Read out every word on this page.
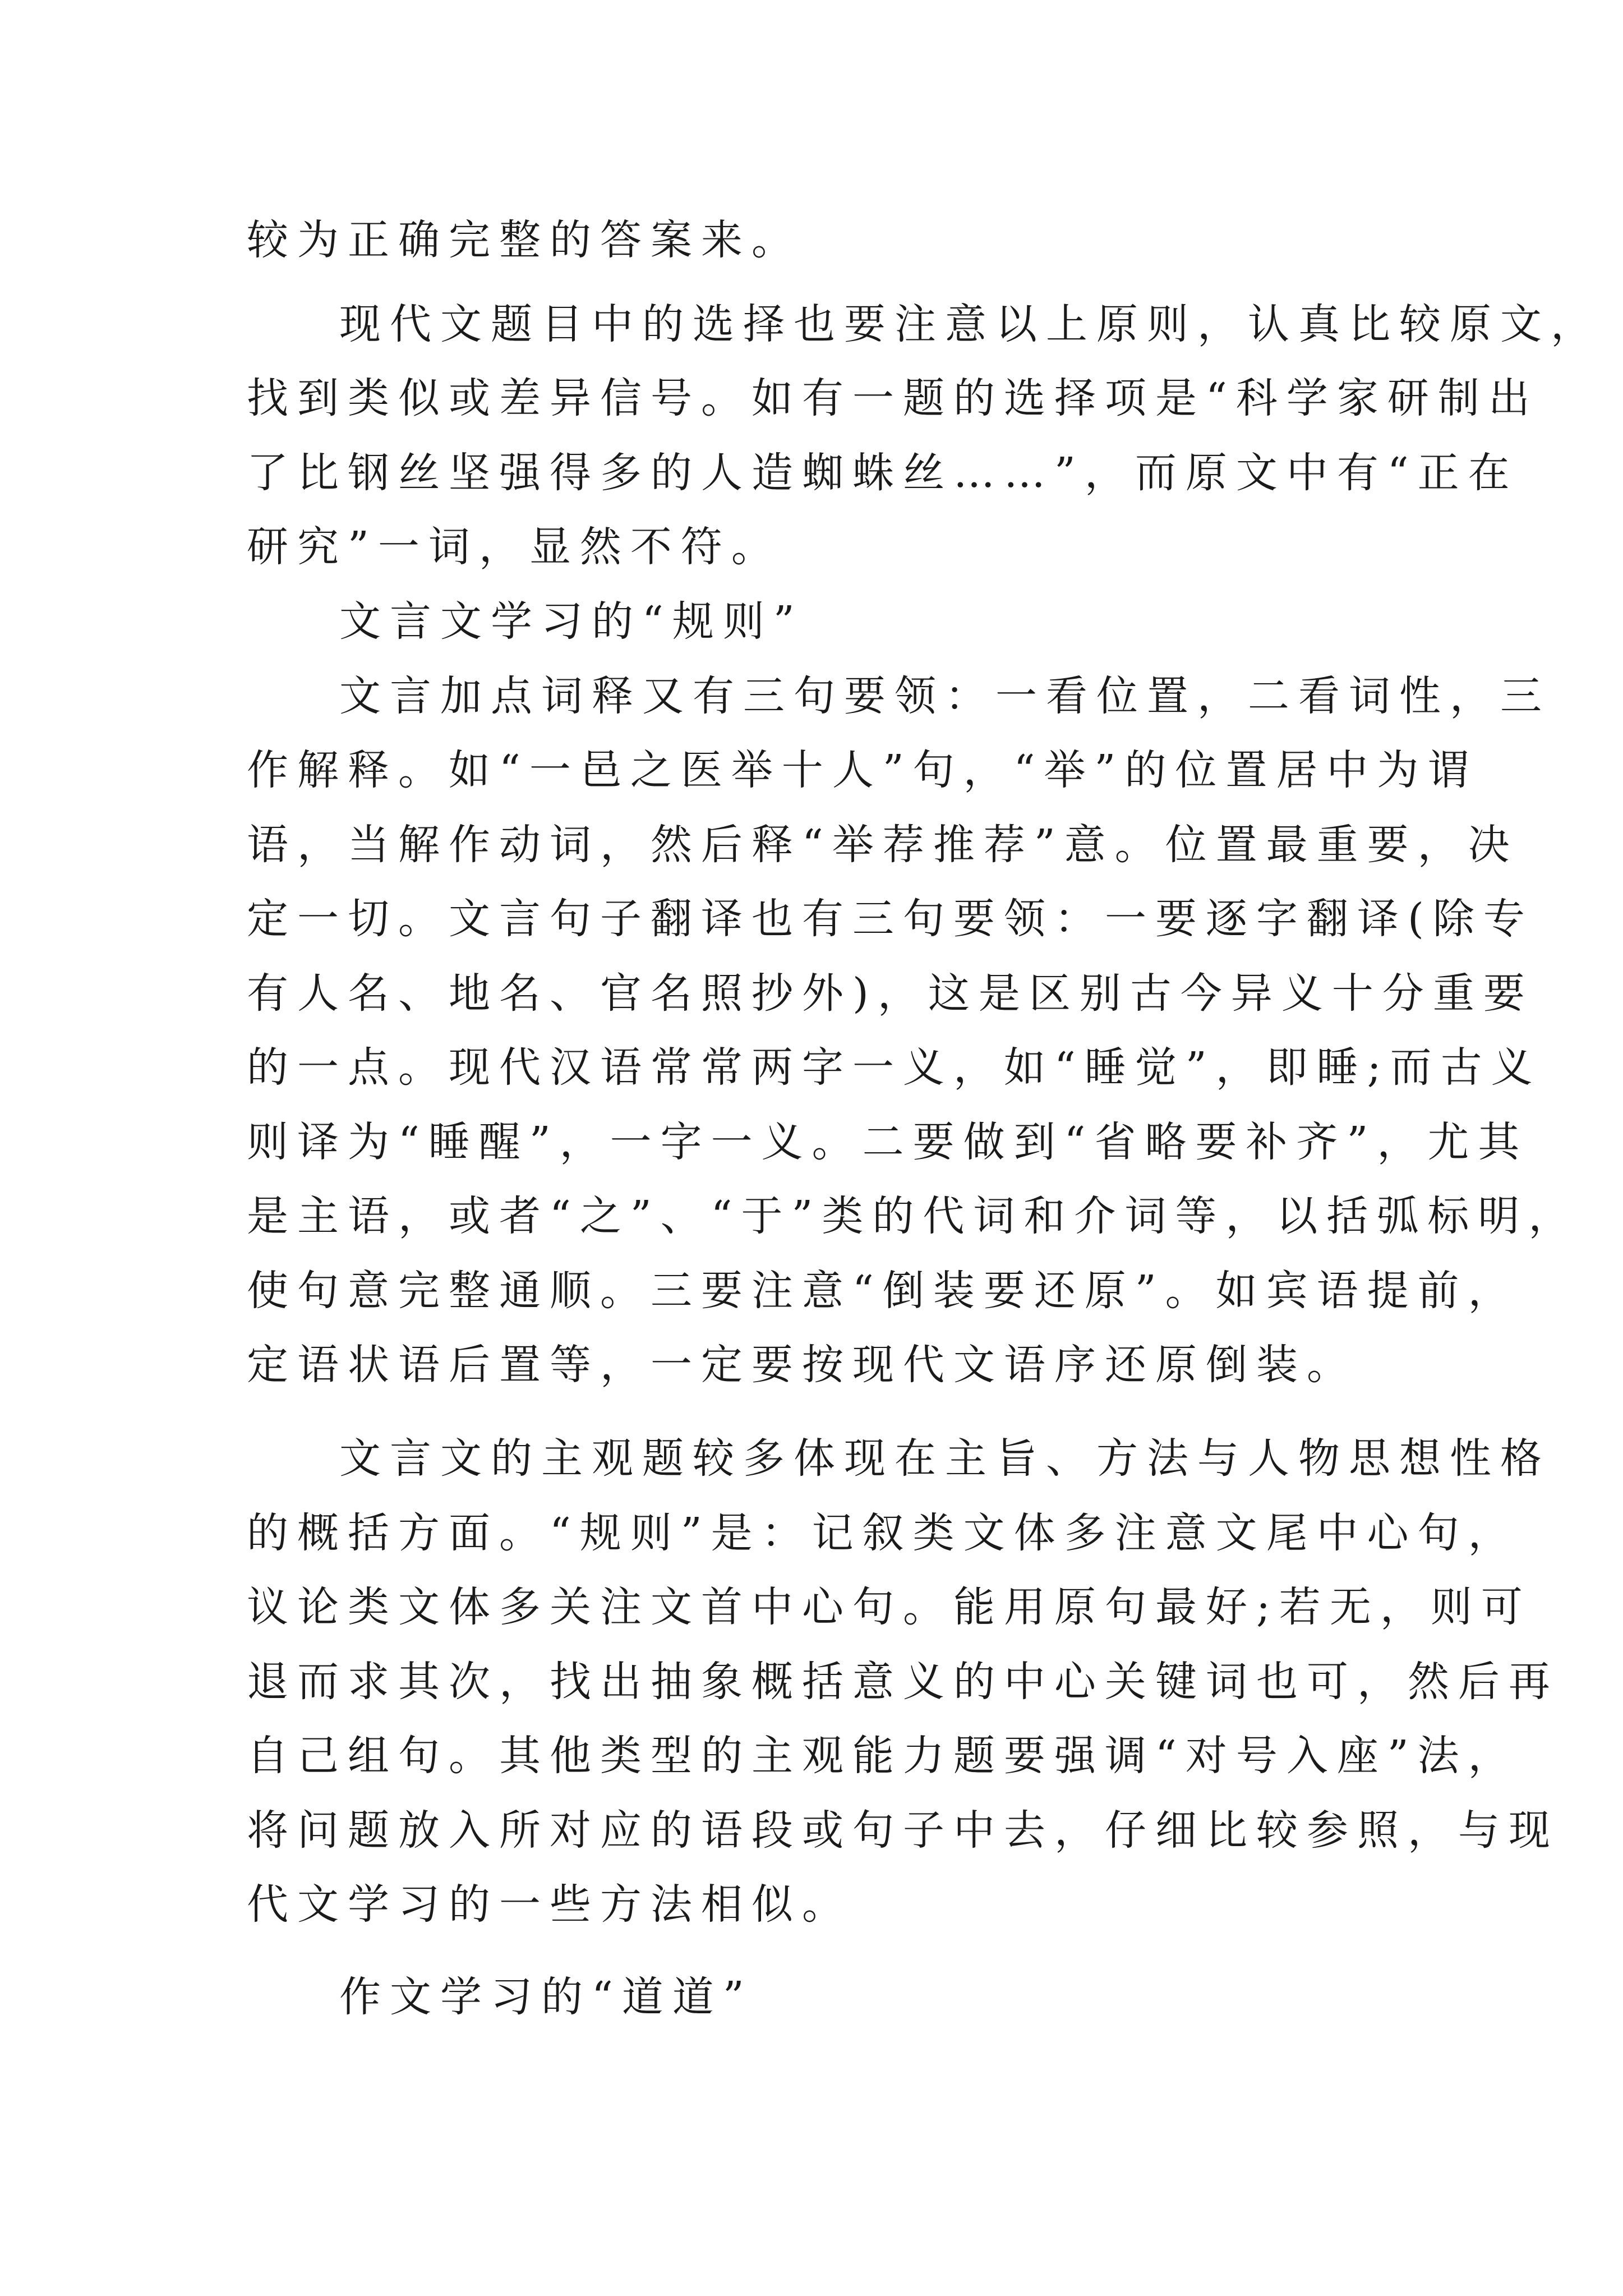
较为正确完整的答案来。
现代文题目中的选择也要注意以上原则，认真比较原文，
找到类似或差异信号。如有一题的选择项是“科学家研制出
了比钢丝坚强得多的人造蜘蛛丝……”，而原文中有“正在
研究”一词，显然不符。
文言文学习的“规则”
文言加点词释又有三句要领：一看位置，二看词性，三
作解释。如“一邑之医举十人”句，“举”的位置居中为谓
语，当解作动词，然后释“举荐推荐”意。位置最重要，决
定一切。文言句子翻译也有三句要领：一要逐字翻译(除专
有人名、地名、官名照抄外)，这是区别古今异义十分重要
的一点。现代汉语常常两字一义，如“睡觉”，即睡;而古义
则译为“睡醒”，一字一义。二要做到“省略要补齐”，尤其
是主语，或者“之”、“于”类的代词和介词等，以括弧标明，
使句意完整通顺。三要注意“倒装要还原”。如宾语提前，
定语状语后置等，一定要按现代文语序还原倒装。
文言文的主观题较多体现在主旨、方法与人物思想性格
的概括方面。“规则”是：记叙类文体多注意文尾中心句，
议论类文体多关注文首中心句。能用原句最好;若无，则可
退而求其次，找出抽象概括意义的中心关键词也可，然后再
自己组句。其他类型的主观能力题要强调“对号入座”法，
将问题放入所对应的语段或句子中去，仔细比较参照，与现
代文学习的一些方法相似。
作文学习的“道道”
